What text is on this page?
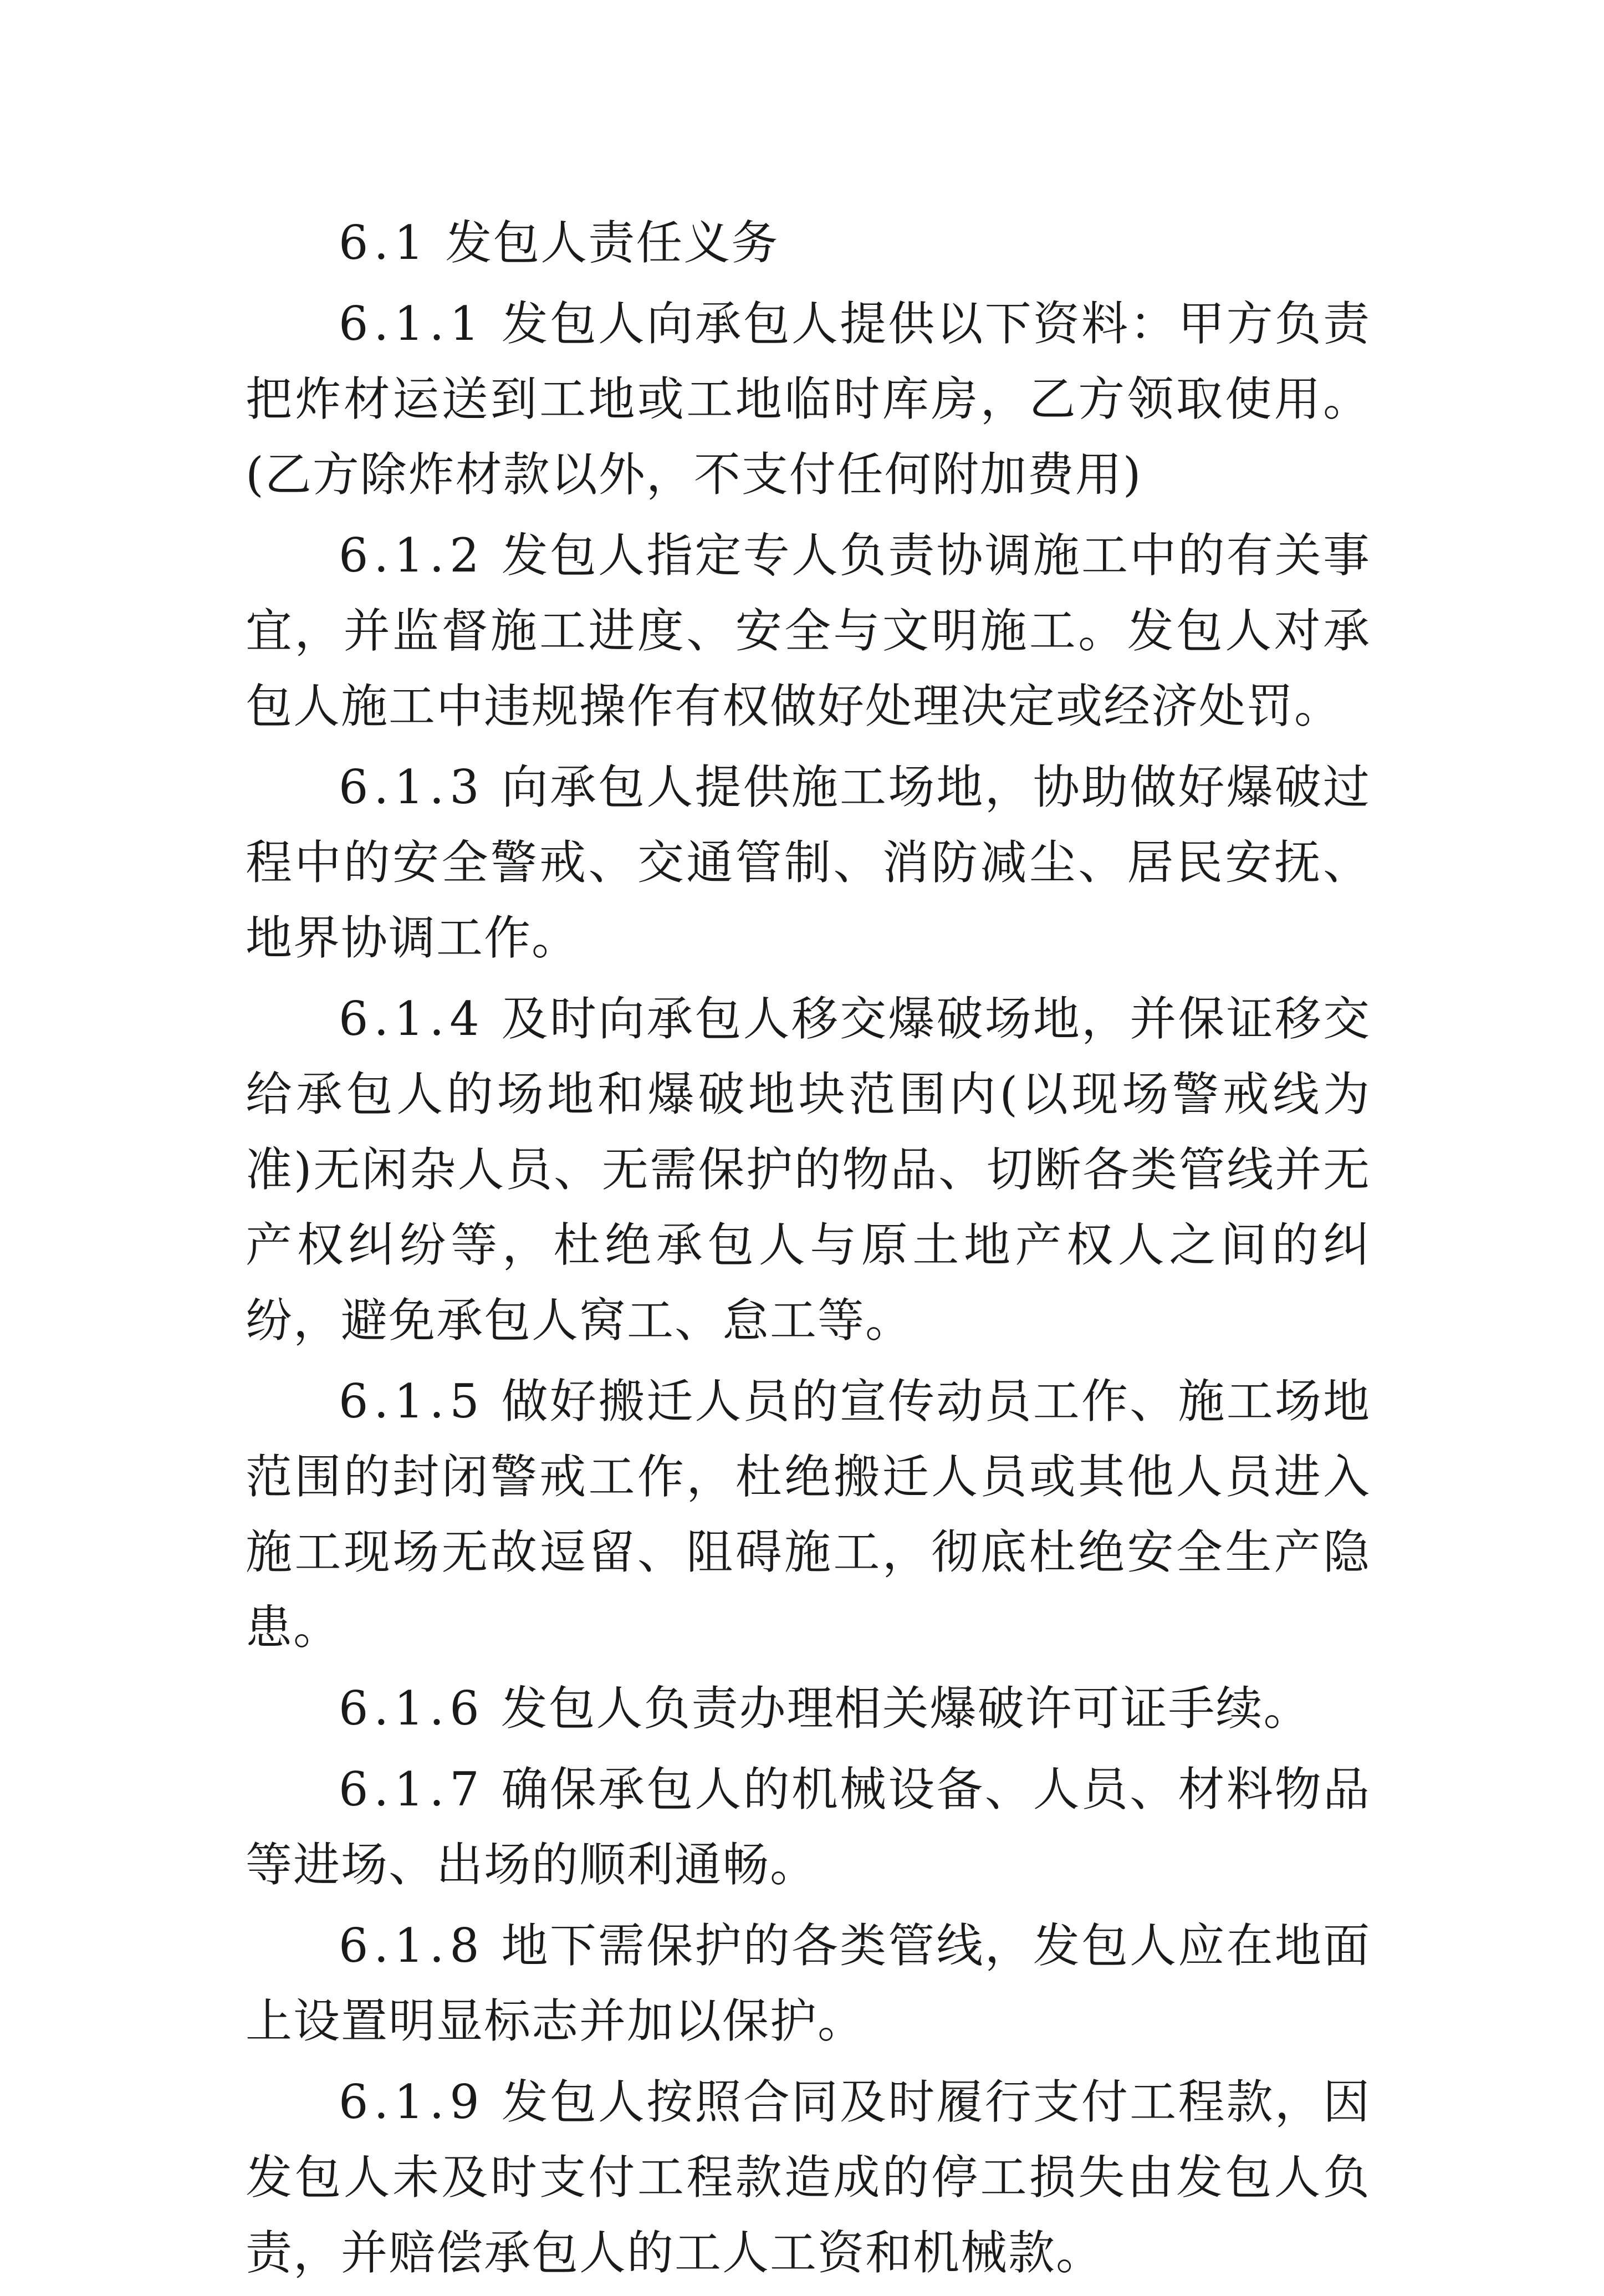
6.1 发包人责任义务

6.1.1 发包人向承包人提供以下资料：甲方负责把炸材运送到工地或工地临时库房，乙方领取使用。(乙方除炸材款以外，不支付任何附加费用)

6.1.2 发包人指定专人负责协调施工中的有关事宜，并监督施工进度、安全与文明施工。发包人对承包人施工中违规操作有权做好处理决定或经济处罚。

6.1.3 向承包人提供施工场地，协助做好爆破过程中的安全警戒、交通管制、消防减尘、居民安抚、地界协调工作。

6.1.4 及时向承包人移交爆破场地，并保证移交给承包人的场地和爆破地块范围内(以现场警戒线为准)无闲杂人员、无需保护的物品、切断各类管线并无产权纠纷等，杜绝承包人与原土地产权人之间的纠纷，避免承包人窝工、怠工等。

6.1.5 做好搬迁人员的宣传动员工作、施工场地范围的封闭警戒工作，杜绝搬迁人员或其他人员进入施工现场无故逗留、阻碍施工，彻底杜绝安全生产隐患。

6.1.6 发包人负责办理相关爆破许可证手续。

6.1.7 确保承包人的机械设备、人员、材料物品等进场、出场的顺利通畅。

6.1.8 地下需保护的各类管线，发包人应在地面上设置明显标志并加以保护。

6.1.9 发包人按照合同及时履行支付工程款，因发包人未及时支付工程款造成的停工损失由发包人负责，并赔偿承包人的工人工资和机械款。
